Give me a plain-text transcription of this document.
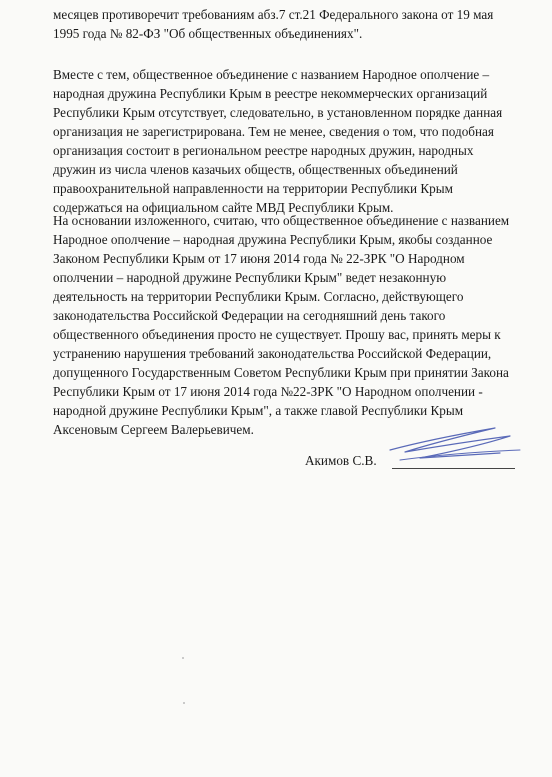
месяцев противоречит требованиям абз.7 ст.21 Федерального закона от 19 мая
1995 года № 82-ФЗ "Об общественных объединениях".
Вместе с тем, общественное объединение с названием Народное ополчение –
народная дружина Республики Крым в реестре некоммерческих организаций
Республики Крым отсутствует, следовательно, в установленном порядке данная
организация не зарегистрирована. Тем не менее, сведения о том, что подобная
организация состоит в региональном реестре народных дружин, народных
дружин из числа членов казачьих обществ, общественных объединений
правоохранительной направленности на территории Республики Крым
содержаться на официальном сайте МВД Республики Крым.
На основании изложенного, считаю, что общественное объединение с названием
Народное ополчение – народная дружина Республики Крым, якобы созданное
Законом Республики Крым от 17 июня 2014 года № 22-ЗРК "О Народном
ополчении – народной дружине Республики Крым" ведет незаконную
деятельность на территории Республики Крым. Согласно, действующего
законодательства Российской Федерации на сегодняшний день такого
общественного объединения просто не существует. Прошу вас, принять меры к
устранению нарушения требований законодательства Российской Федерации,
допущенного Государственным Советом Республики Крым при принятии Закона
Республики Крым от 17 июня 2014 года №22-ЗРК "О Народном ополчении -
народной дружине Республики Крым", а также главой Республики Крым
Аксеновым Сергеем Валерьевичем.
Акимов С.В.
